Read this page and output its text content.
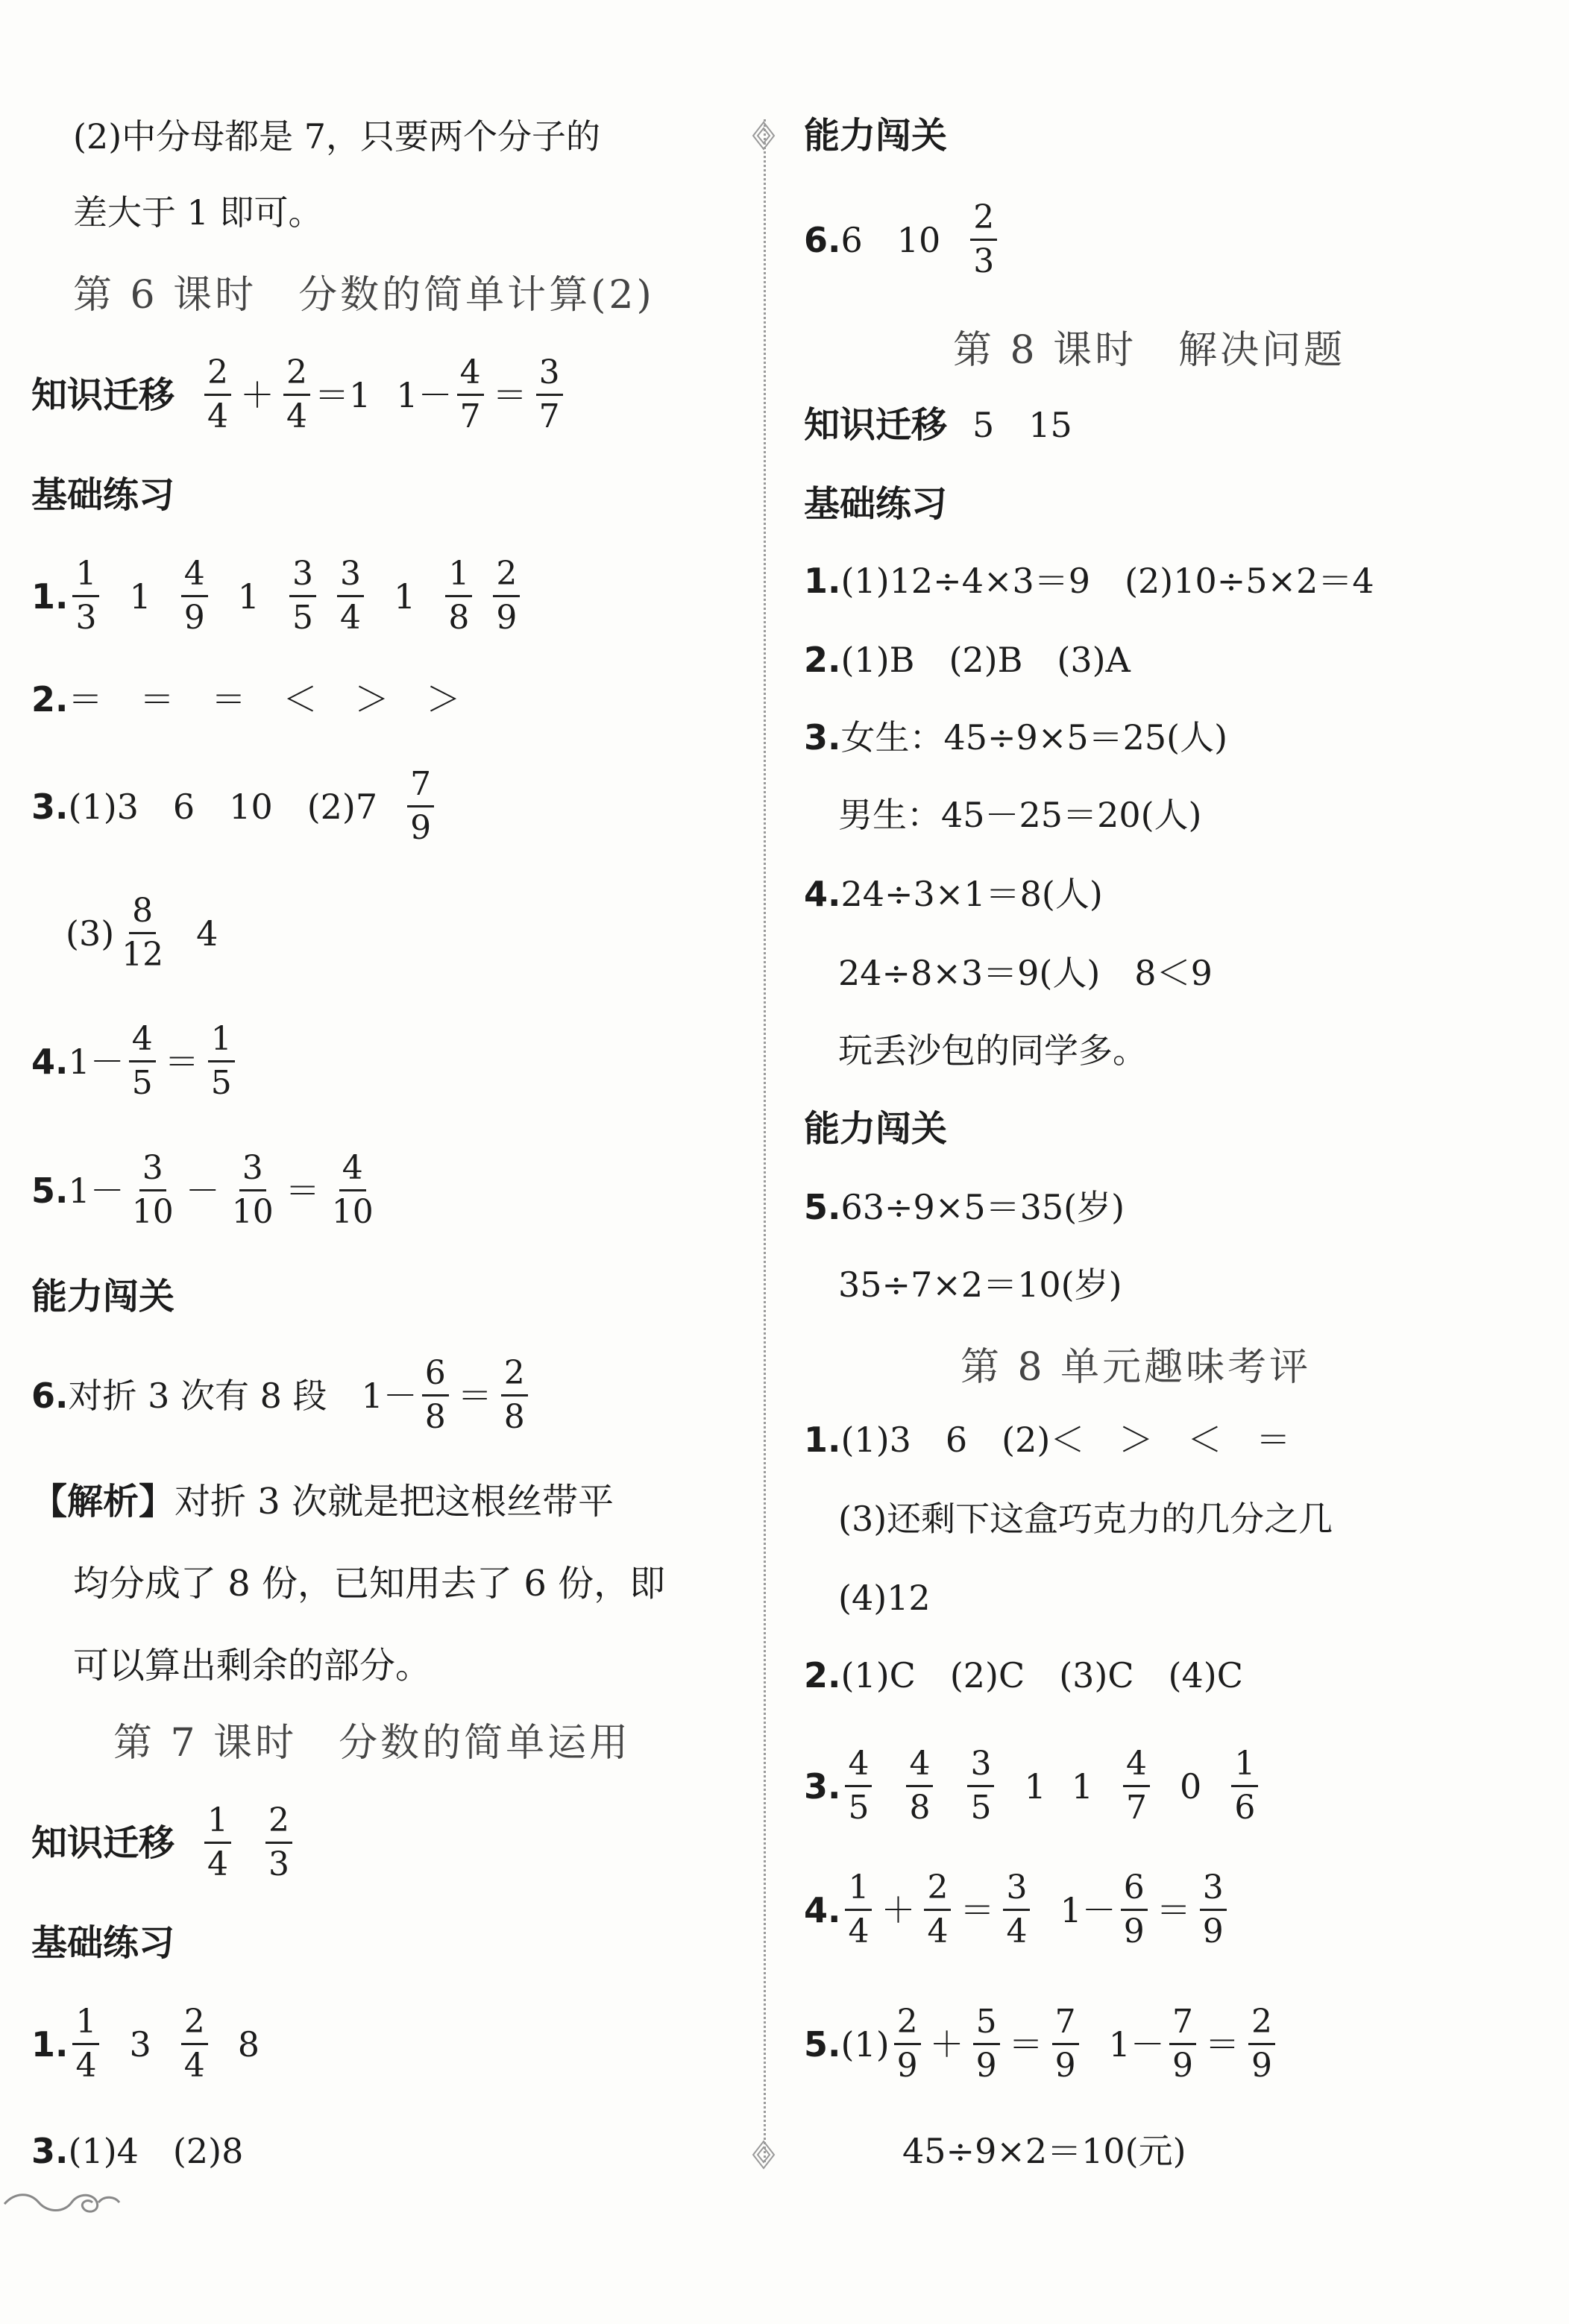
(2)中分母都是 7，只要两个分子的
差大于 1 即可。
第 6 课时　分数的简单计算(2)
知识迁移 $\frac{2}{4} + \frac{2}{4} =1$ $1- \frac{4}{7} = \frac{3}{7}$
基础练习
1. $\frac{1}{3} 1 \frac{4}{9} 1 \frac{3}{5} \frac{3}{4} 1 \frac{1}{8} \frac{2}{9}$
2. ＝ ＝ ＝ ＜ ＞ ＞
3. (1)3　6　10　$(2)7 \frac{7}{9}$
$(3) \frac{8}{12} 4$
4. $1- \frac{4}{5} = \frac{1}{5}$
5. $1- \frac{3}{10} - \frac{3}{10} = \frac{4}{10}$
能力闯关
6. 对折 3 次有 8 段　$1- \frac{6}{8} = \frac{2}{8}$
【解析】对折 3 次就是把这根丝带平
均分成了 8 份，已知用去了 6 份，即
可以算出剩余的部分。
第 7 课时　分数的简单运用
知识迁移 $\frac{1}{4} \frac{2}{3}$
基础练习
1. $\frac{1}{4} 3 \frac{2}{4} 8$
3. (1)4　(2)8
能力闯关
6. 6　$10 \frac{2}{3}$
第 8 课时　解决问题
知识迁移 5　15
基础练习
1. (1)12÷4×3＝9　(2)10÷5×2＝4
2. (1)B　(2)B　(3)A
3. 女生：45÷9×5＝25(人)
男生：45－25＝20(人)
4. 24÷3×1＝8(人)
24÷8×3＝9(人)　8＜9
玩丢沙包的同学多。
能力闯关
5. 63÷9×5＝35(岁)
35÷7×2＝10(岁)
第 8 单元趣味考评
1. (1)3　6　(2)＜　＞　＜　＝
(3)还剩下这盒巧克力的几分之几
(4)12
2. (1)C　(2)C　(3)C　(4)C
3. $\frac{4}{5} \frac{4}{8} \frac{3}{5} 1$ $1 \frac{4}{7} 0 \frac{1}{6}$
4. $\frac{1}{4} + \frac{2}{4} = \frac{3}{4} 1- \frac{6}{9} = \frac{3}{9}$
5. $(1) \frac{2}{9} + \frac{5}{9} = \frac{7}{9} 1- \frac{7}{9} = \frac{2}{9}$
45÷9×2＝10(元)
